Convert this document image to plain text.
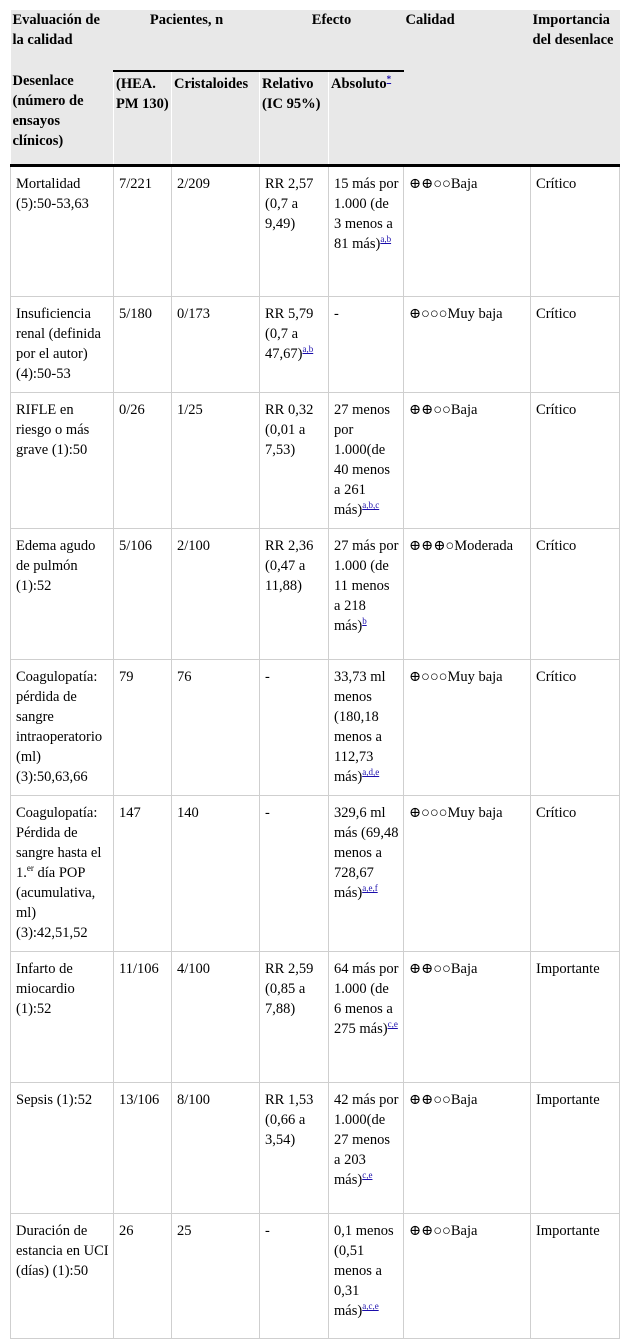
Evaluación de la calidad	Pacientes, n		Efecto		Calidad	Importancia del desenlace
Desenlace (número de ensayos clínicos)	(HEA. PM 130)	Cristaloides	Relativo (IC 95%)	Absoluto*		
Mortalidad (5):50-53,63	7/221	2/209	RR 2,57 (0,7 a 9,49)	15 más por 1.000 (de 3 menos a 81 más)$^{a,b}$	⊕⊕○○Baja	Crítico
Insuficiencia renal (definida por el autor) (4):50-53	5/180	0/173	RR 5,79 (0,7 a 47,67)$^{a,b}$	-	⊕○○○Muy baja	Crítico
RIFLE en riesgo o más grave (1):50	0/26	1/25	RR 0,32 (0,01 a 7,53)	27 menos por 1.000(de 40 menos a 261 más)$^{a,b,c}$	⊕⊕○○Baja	Crítico
Edema agudo de pulmón (1):52	5/106	2/100	RR 2,36 (0,47 a 11,88)	27 más por 1.000 (de 11 menos a 218 más)$^b$	⊕⊕⊕○Moderada	Crítico
Coagulopatía: pérdida de sangre intraoperatorio (ml) (3):50,63,66	79	76	-	33,73 ml menos (180,18 menos a 112,73 más)$^{a,d,e}$	⊕○○○Muy baja	Crítico
Coagulopatía: Pérdida de sangre hasta el 1.$^{er}$ día POP (acumulativa, ml) (3):42,51,52	147	140	-	329,6 ml más (69,48 menos a 728,67 más)$^{a,e,f}$	⊕○○○Muy baja	Crítico
Infarto de miocardio (1):52	11/106	4/100	RR 2,59 (0,85 a 7,88)	64 más por 1.000 (de 6 menos a 275 más)$^{c,e}$	⊕⊕○○Baja	Importante
Sepsis (1):52	13/106	8/100	RR 1,53 (0,66 a 3,54)	42 más por 1.000(de 27 menos a 203 más)$^{c,e}$	⊕⊕○○Baja	Importante
Duración de estancia en UCI (días) (1):50	26	25	-	0,1 menos (0,51 menos a 0,31 más)$^{a,c,e}$	⊕⊕○○Baja	Importante
